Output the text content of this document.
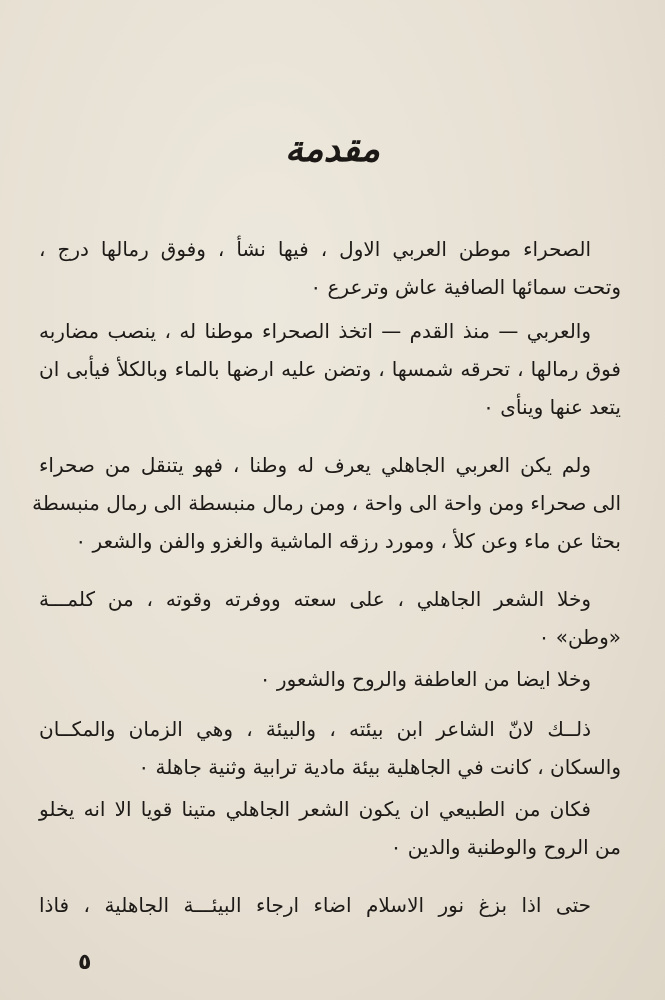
مقدمة

الصحراء موطن العربي الاول ، فيها نشأ ، وفوق رمالها درج ،
وتحت سمائها الصافية عاش وترعرع ٠

والعربي — منذ القدم — اتخذ الصحراء موطنا له ، ينصب مضاربه
فوق رمالها ، تحرقه شمسها ، وتضن عليه ارضها بالماء وبالكلأ فيأبى ان
يتعد عنها وينأى ٠

ولم يكن العربي الجاهلي يعرف له وطنا ، فهو يتنقل من صحراء
الى صحراء ومن واحة الى واحة ، ومن رمال منبسطة الى رمال منبسطة
بحثا عن ماء وعن كلأ ، ومورد رزقه الماشية والغزو والفن والشعر ٠

وخلا الشعر الجاهلي ، على سعته ووفرته وقوته ، من كلمـــة
«وطن» ٠

وخلا ايضا من العاطفة والروح والشعور ٠

ذلــك لانّ الشاعر ابن بيئته ، والبيئة ، وهي الزمان والمكــان
والسكان ، كانت في الجاهلية بيئة مادية ترابية وثنية جاهلة ٠

فكان من الطبيعي ان يكون الشعر الجاهلي متينا قويا الا انه يخلو
من الروح والوطنية والدين ٠

حتى اذا بزغ نور الاسلام اضاء ارجاء البيئـــة الجاهلية ، فاذا

٥
